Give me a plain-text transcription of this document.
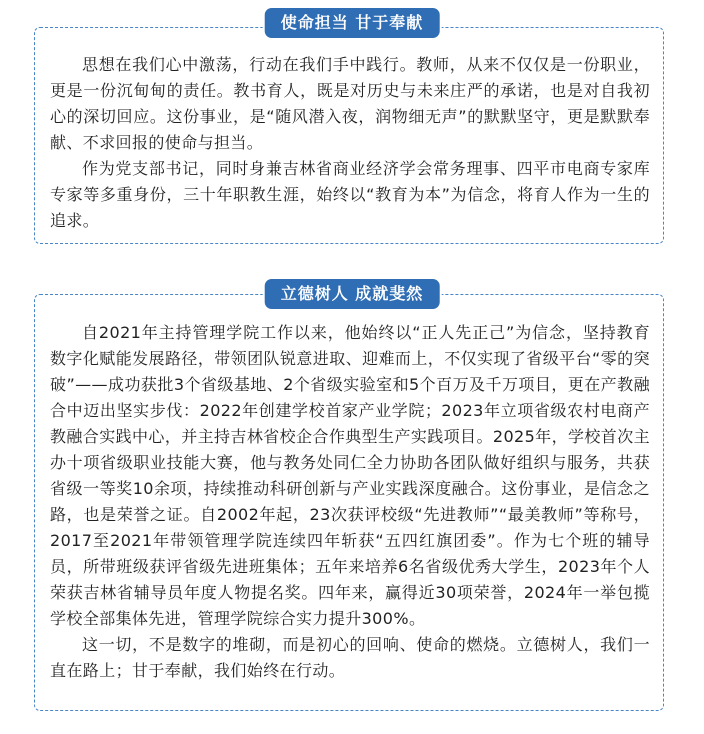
使命担当 甘于奉献

思想在我们心中激荡，行动在我们手中践行。教师，从来不仅仅是一份职业，更是一份沉甸甸的责任。教书育人，既是对历史与未来庄严的承诺，也是对自我初心的深切回应。这份事业，是“随风潜入夜，润物细无声”的默默坚守，更是默默奉献、不求回报的使命与担当。

作为党支部书记，同时身兼吉林省商业经济学会常务理事、四平市电商专家库专家等多重身份，三十年职教生涯，始终以“教育为本”为信念，将育人作为一生的追求。

立德树人 成就斐然

自2021年主持管理学院工作以来，他始终以“正人先正己”为信念，坚持教育数字化赋能发展路径，带领团队锐意进取、迎难而上，不仅实现了省级平台“零的突破”——成功获批3个省级基地、2个省级实验室和5个百万及千万项目，更在产教融合中迈出坚实步伐：2022年创建学校首家产业学院；2023年立项省级农村电商产教融合实践中心，并主持吉林省校企合作典型生产实践项目。2025年，学校首次主办十项省级职业技能大赛，他与教务处同仁全力协助各团队做好组织与服务，共获省级一等奖10余项，持续推动科研创新与产业实践深度融合。这份事业，是信念之路，也是荣誉之证。自2002年起，23次获评校级“先进教师”“最美教师”等称号，2017至2021年带领管理学院连续四年斩获“五四红旗团委”。作为七个班的辅导员，所带班级获评省级先进班集体；五年来培养6名省级优秀大学生，2023年个人荣获吉林省辅导员年度人物提名奖。四年来，赢得近30项荣誉，2024年一举包揽学校全部集体先进，管理学院综合实力提升300%。

这一切，不是数字的堆砌，而是初心的回响、使命的燃烧。立德树人，我们一直在路上；甘于奉献，我们始终在行动。
